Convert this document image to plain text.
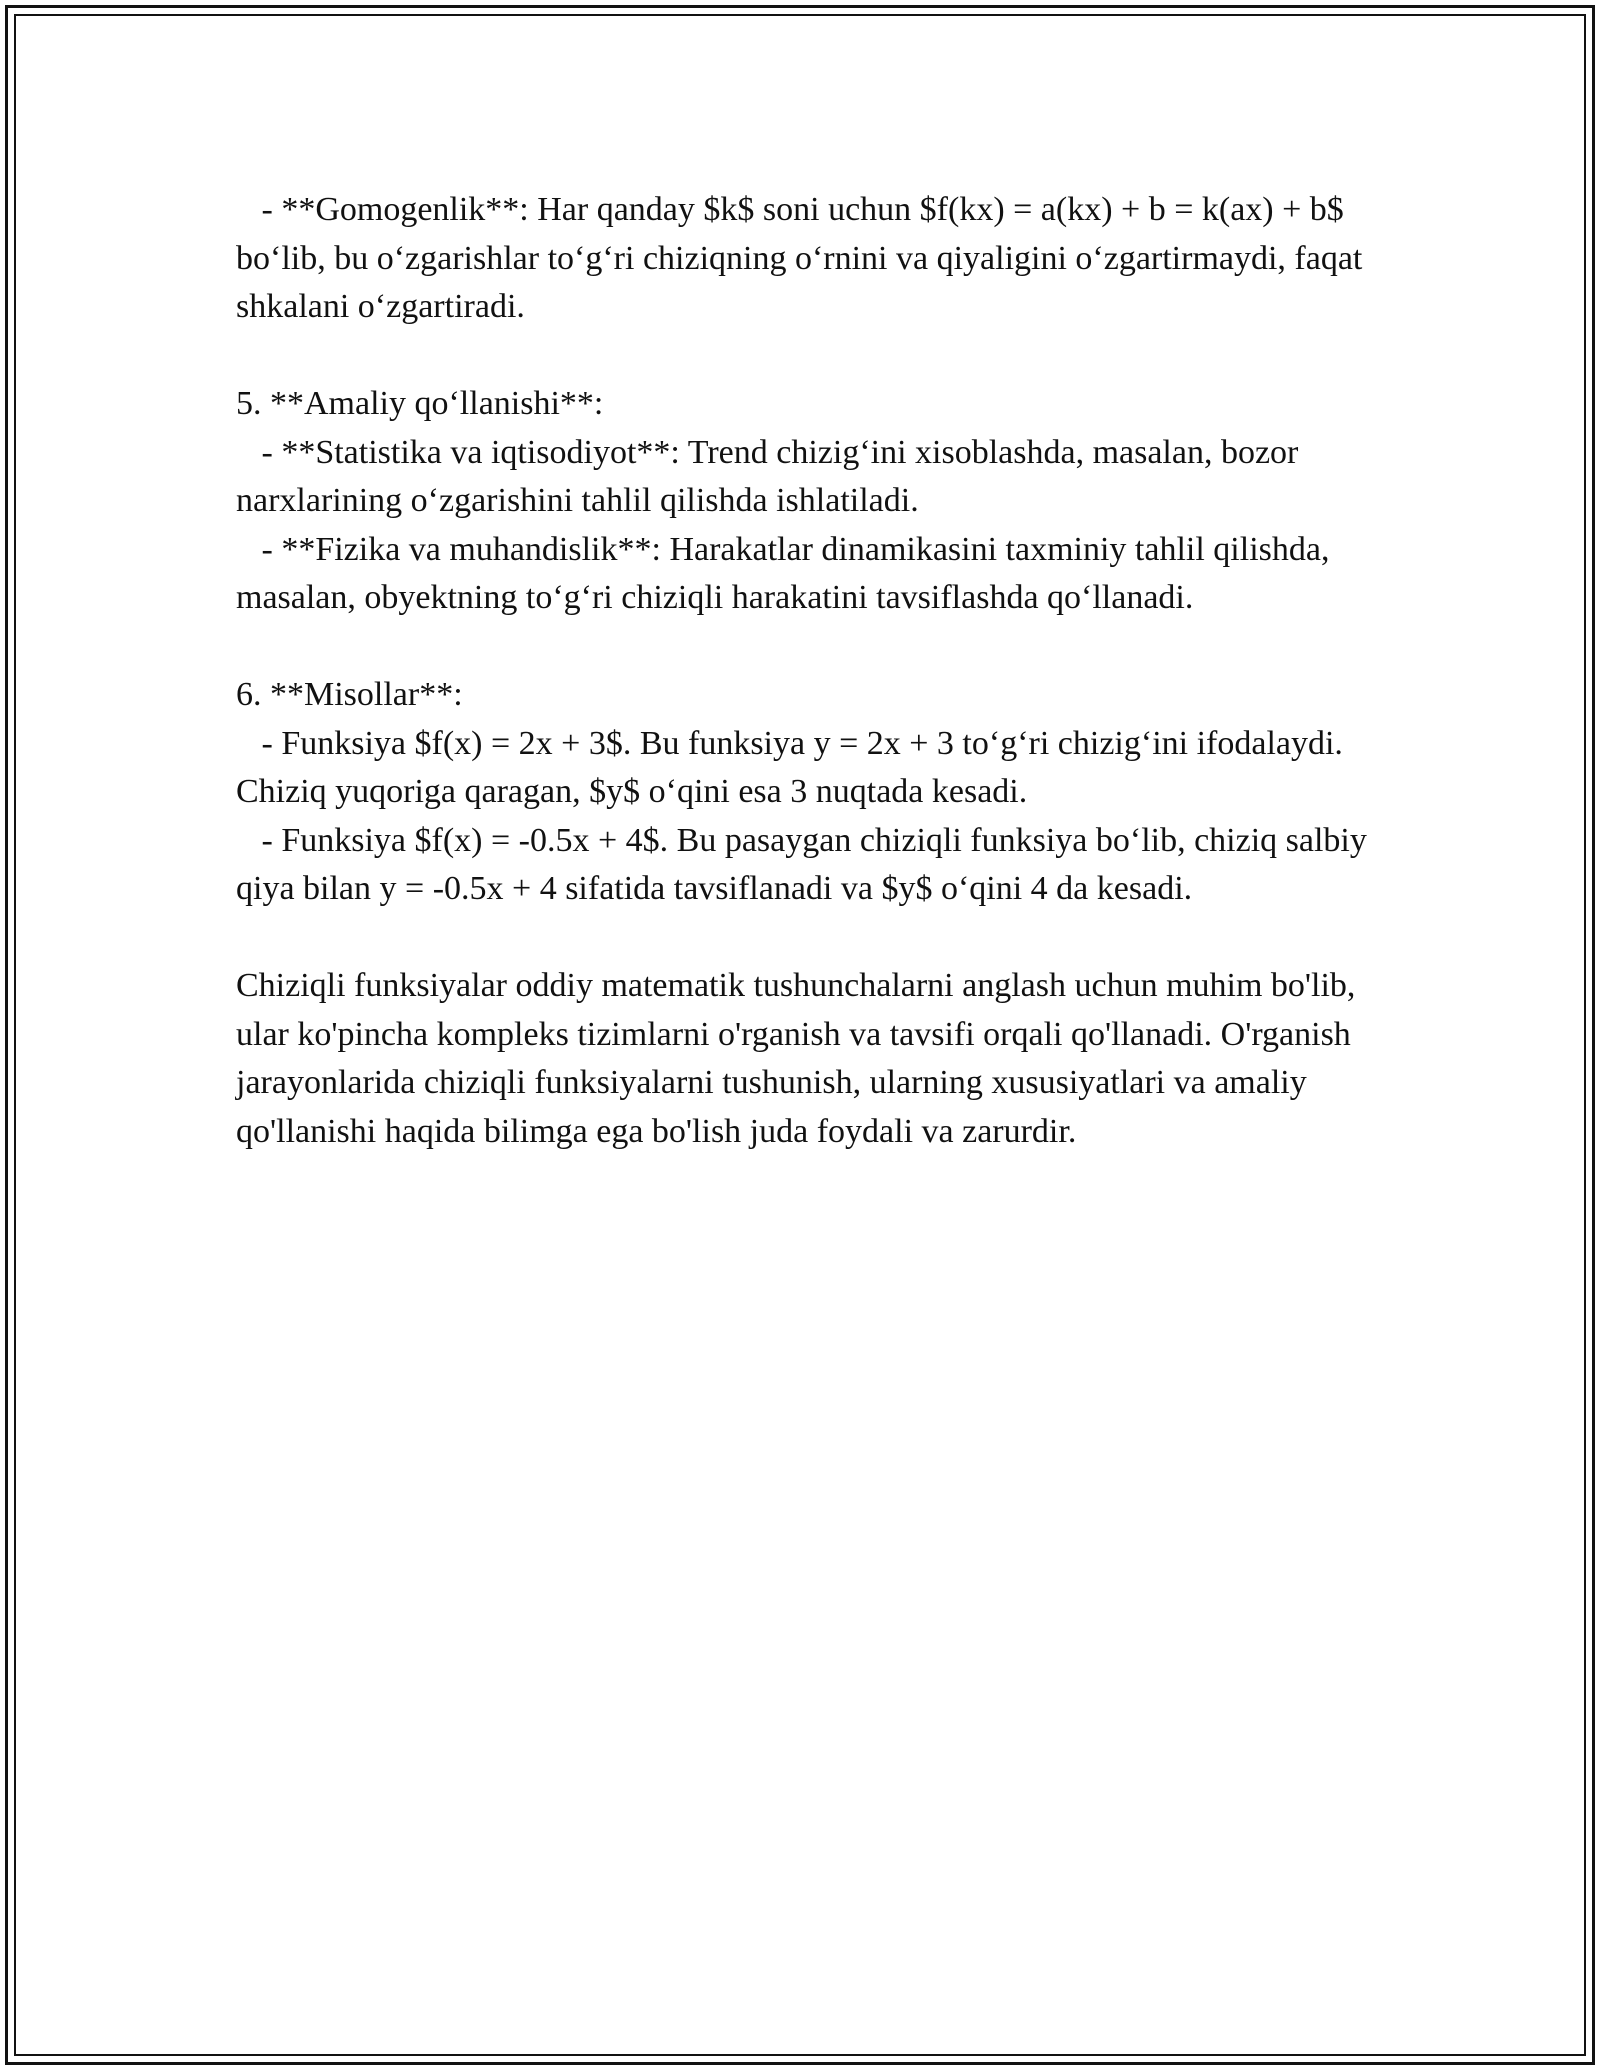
- **Gomogenlik**: Har qanday $k$ soni uchun $f(kx) = a(kx) + b = k(ax) + b$ bo‘lib, bu o‘zgarishlar to‘g‘ri chiziqning o‘rnini va qiyaligini o‘zgartirmaydi, faqat shkalani o‘zgartiradi.

5. **Amaliy qo‘llanishi**:

- **Statistika va iqtisodiyot**: Trend chizig‘ini xisoblashda, masalan, bozor narxlarining o‘zgarishini tahlil qilishda ishlatiladi.

- **Fizika va muhandislik**: Harakatlar dinamikasini taxminiy tahlil qilishda, masalan, obyektning to‘g‘ri chiziqli harakatini tavsiflashda qo‘llanadi.

6. **Misollar**:

- Funksiya $f(x) = 2x + 3$. Bu funksiya y = 2x + 3 to‘g‘ri chizig‘ini ifodalaydi. Chiziq yuqoriga qaragan, $y$ o‘qini esa 3 nuqtada kesadi.

- Funksiya $f(x) = -0.5x + 4$. Bu pasaygan chiziqli funksiya bo‘lib, chiziq salbiy qiya bilan y = -0.5x + 4 sifatida tavsiflanadi va $y$ o‘qini 4 da kesadi.

Chiziqli funksiyalar oddiy matematik tushunchalarni anglash uchun muhim bo'lib, ular ko'pincha kompleks tizimlarni o'rganish va tavsifi orqali qo'llanadi. O'rganish jarayonlarida chiziqli funksiyalarni tushunish, ularning xususiyatlari va amaliy qo'llanishi haqida bilimga ega bo'lish juda foydali va zarurdir.
